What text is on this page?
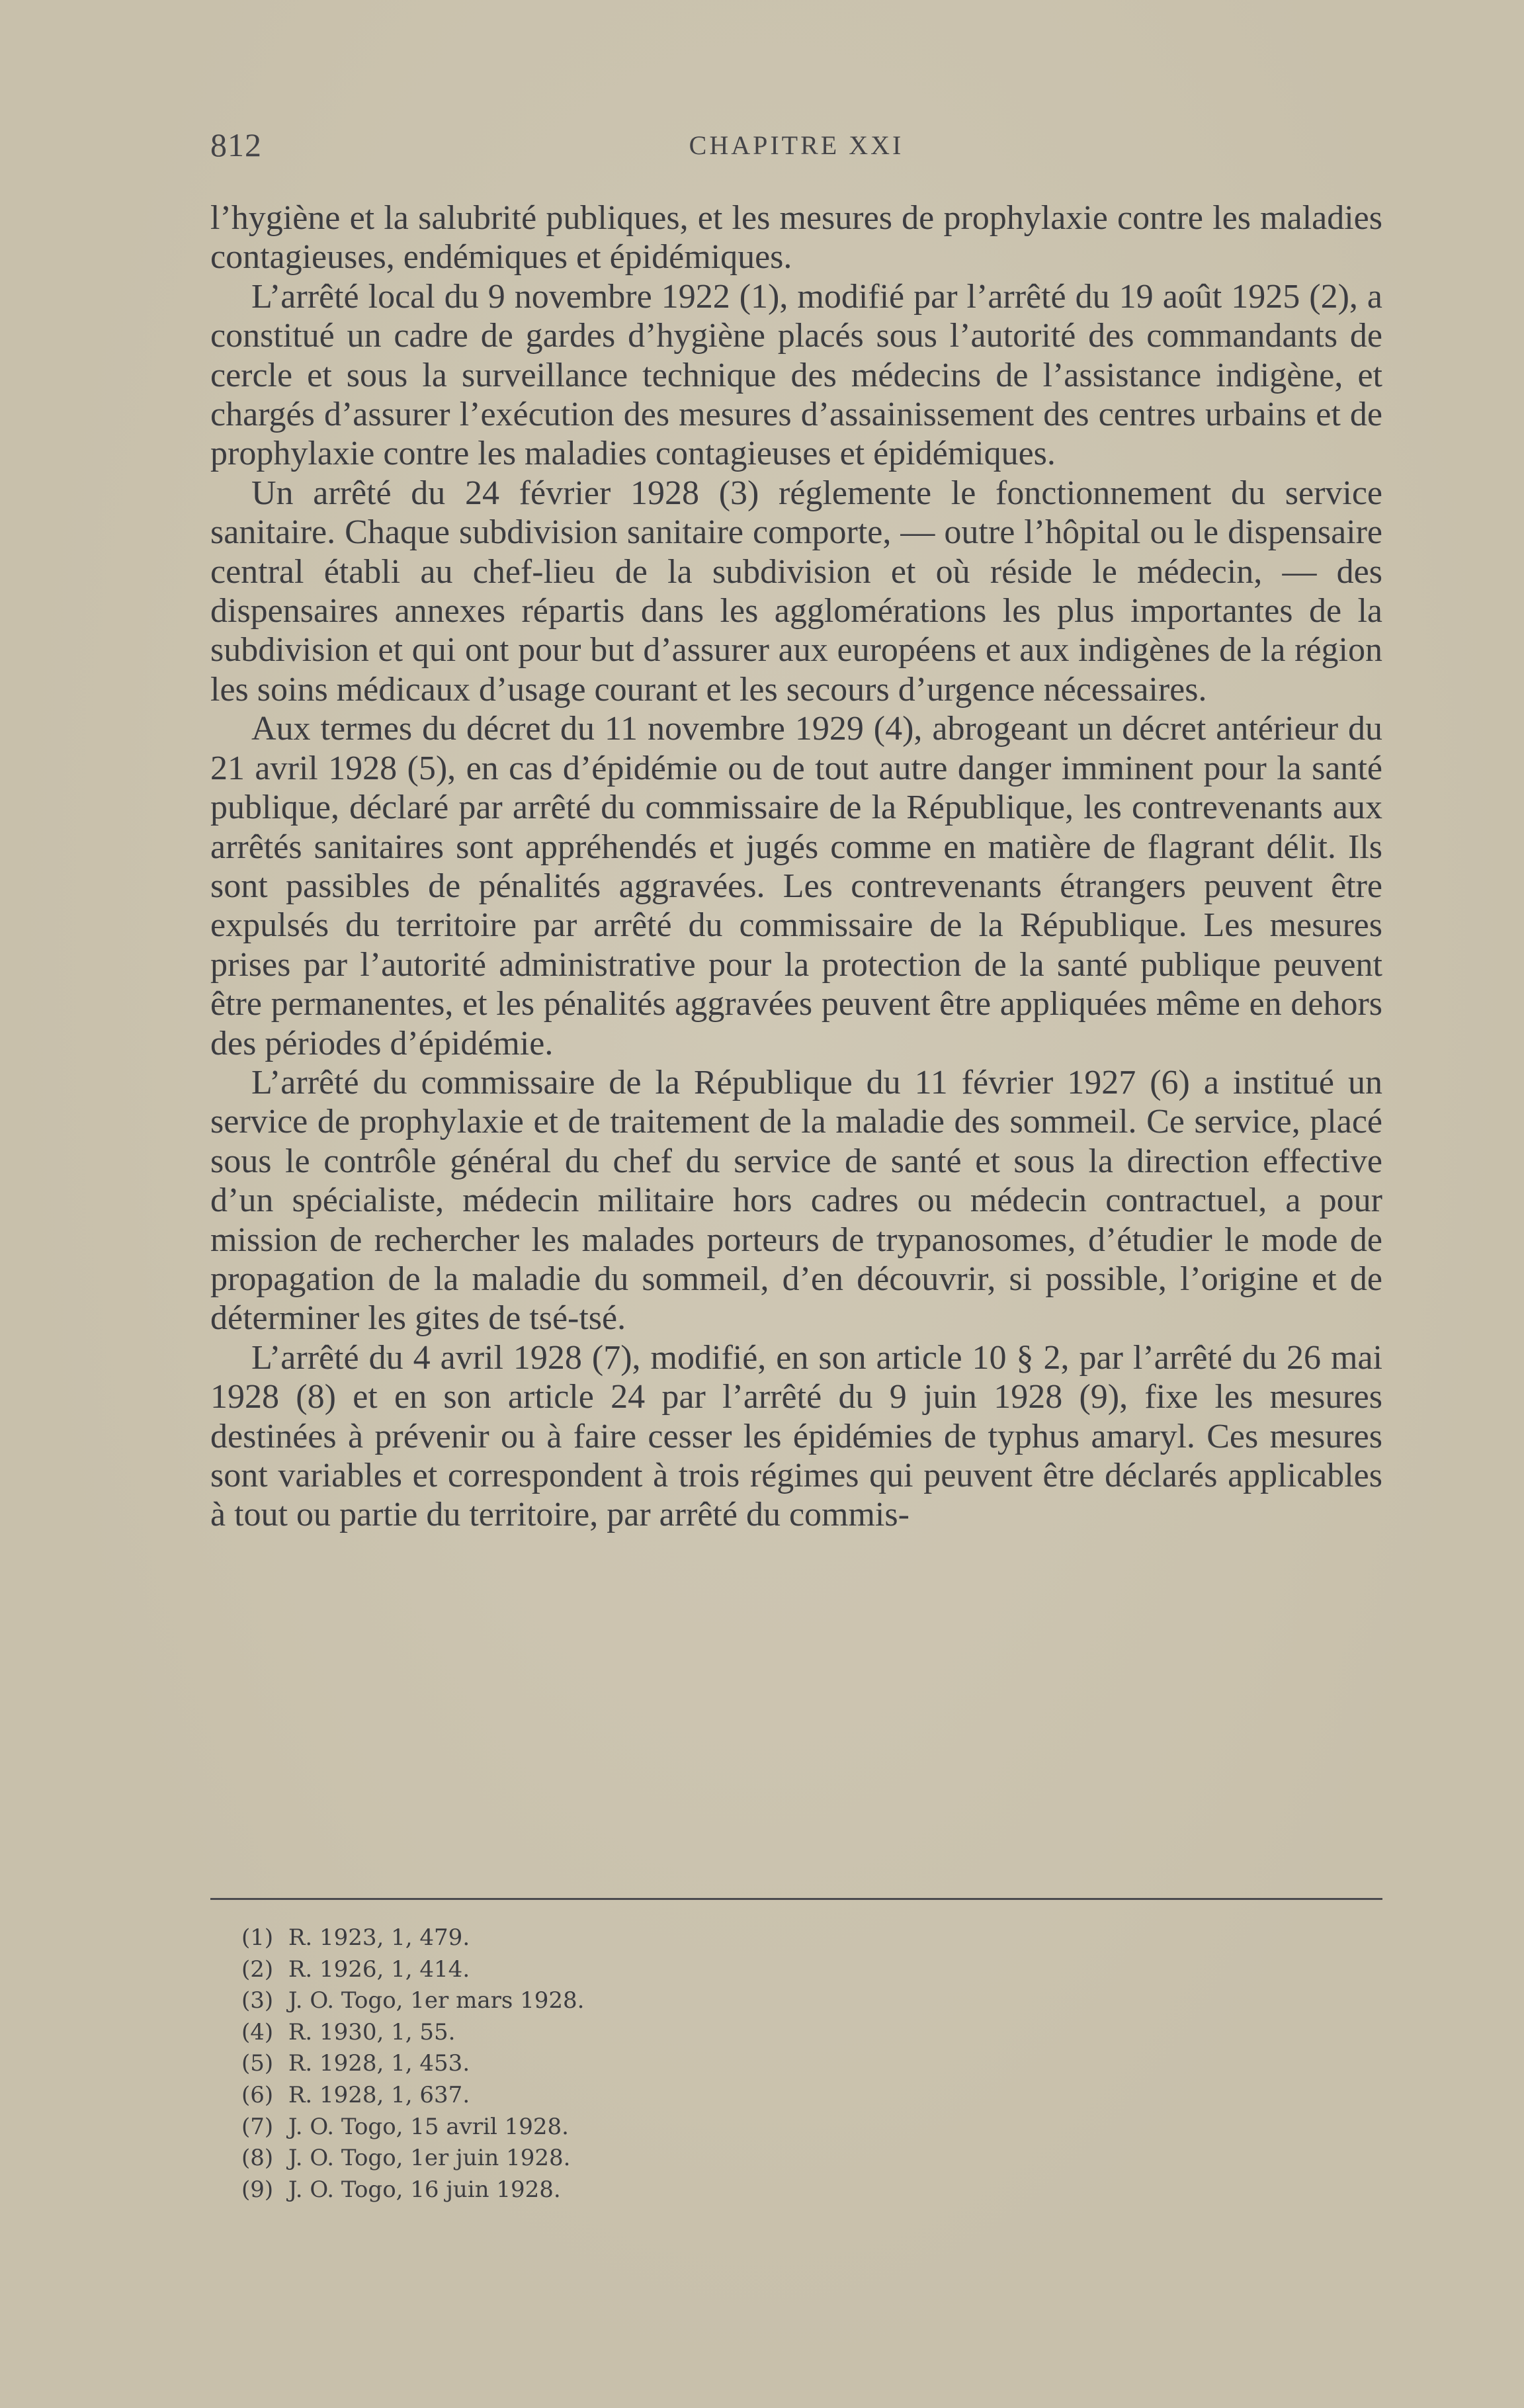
812	CHAPITRE XXI

l’hygiène et la salubrité publiques, et les mesures de prophylaxie contre les maladies contagieuses, endémiques et épidémiques.

L’arrêté local du 9 novembre 1922 (1), modifié par l’arrêté du 19 août 1925 (2), a constitué un cadre de gardes d’hygiène placés sous l’autorité des commandants de cercle et sous la surveillance technique des médecins de l’assistance indigène, et chargés d’assurer l’exécution des mesures d’assainissement des centres urbains et de prophylaxie contre les maladies contagieuses et épidémiques.

Un arrêté du 24 février 1928 (3) réglemente le fonctionnement du service sanitaire. Chaque subdivision sanitaire comporte, — outre l’hôpital ou le dispensaire central établi au chef-lieu de la subdivision et où réside le médecin, — des dispensaires annexes répartis dans les agglomérations les plus importantes de la subdivision et qui ont pour but d’assurer aux européens et aux indigènes de la région les soins médicaux d’usage courant et les secours d’urgence nécessaires.

Aux termes du décret du 11 novembre 1929 (4), abrogeant un décret antérieur du 21 avril 1928 (5), en cas d’épidémie ou de tout autre danger imminent pour la santé publique, déclaré par arrêté du commissaire de la République, les contrevenants aux arrêtés sanitaires sont appréhendés et jugés comme en matière de flagrant délit. Ils sont passibles de pénalités aggravées. Les contrevenants étrangers peuvent être expulsés du territoire par arrêté du commissaire de la République. Les mesures prises par l’autorité administrative pour la protection de la santé publique peuvent être permanentes, et les pénalités aggravées peuvent être appliquées même en dehors des périodes d’épidémie.

L’arrêté du commissaire de la République du 11 février 1927 (6) a institué un service de prophylaxie et de traitement de la maladie des sommeil. Ce service, placé sous le contrôle général du chef du service de santé et sous la direction effective d’un spécialiste, médecin militaire hors cadres ou médecin contractuel, a pour mission de rechercher les malades porteurs de trypanosomes, d’étudier le mode de propagation de la maladie du sommeil, d’en découvrir, si possible, l’origine et de déterminer les gites de tsé-tsé.

L’arrêté du 4 avril 1928 (7), modifié, en son article 10 § 2, par l’arrêté du 26 mai 1928 (8) et en son article 24 par l’arrêté du 9 juin 1928 (9), fixe les mesures destinées à prévenir ou à faire cesser les épidémies de typhus amaryl. Ces mesures sont variables et correspondent à trois régimes qui peuvent être déclarés applicables à tout ou partie du territoire, par arrêté du commis-

(1) R. 1923, 1, 479.
(2) R. 1926, 1, 414.
(3) J. O. Togo, 1er mars 1928.
(4) R. 1930, 1, 55.
(5) R. 1928, 1, 453.
(6) R. 1928, 1, 637.
(7) J. O. Togo, 15 avril 1928.
(8) J. O. Togo, 1er juin 1928.
(9) J. O. Togo, 16 juin 1928.
